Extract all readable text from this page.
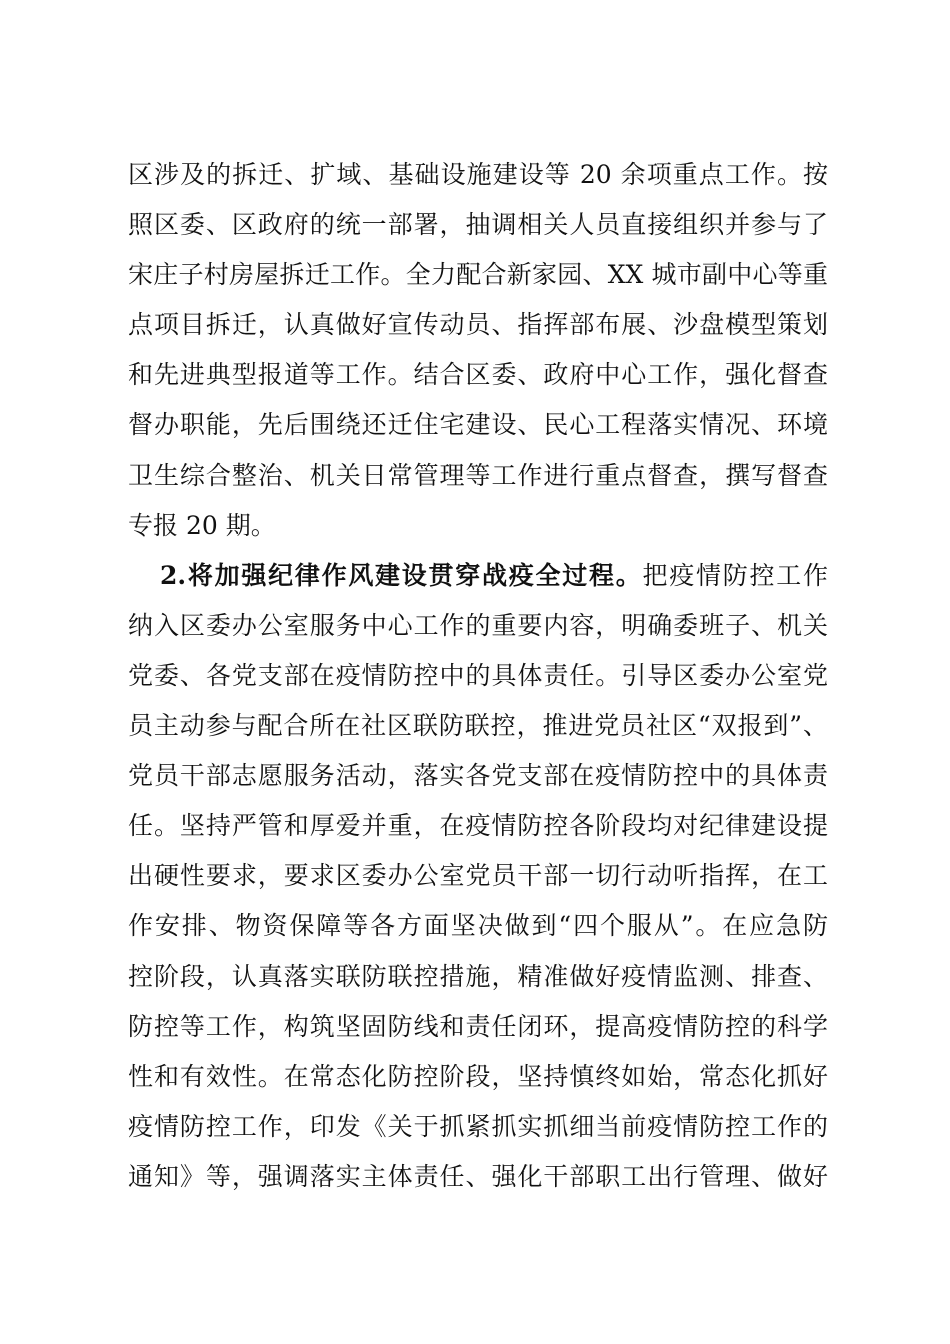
区涉及的拆迁、扩域、基础设施建设等 20 余项重点工作。按
照区委、区政府的统一部署，抽调相关人员直接组织并参与了
宋庄子村房屋拆迁工作。全力配合新家园、XX 城市副中心等重
点项目拆迁，认真做好宣传动员、指挥部布展、沙盘模型策划
和先进典型报道等工作。结合区委、政府中心工作，强化督查
督办职能，先后围绕还迁住宅建设、民心工程落实情况、环境
卫生综合整治、机关日常管理等工作进行重点督查，撰写督查
专报 20 期。
2.将加强纪律作风建设贯穿战疫全过程。把疫情防控工作
纳入区委办公室服务中心工作的重要内容，明确委班子、机关
党委、各党支部在疫情防控中的具体责任。引导区委办公室党
员主动参与配合所在社区联防联控，推进党员社区“双报到”、
党员干部志愿服务活动，落实各党支部在疫情防控中的具体责
任。坚持严管和厚爱并重，在疫情防控各阶段均对纪律建设提
出硬性要求，要求区委办公室党员干部一切行动听指挥，在工
作安排、物资保障等各方面坚决做到“四个服从”。在应急防
控阶段，认真落实联防联控措施，精准做好疫情监测、排查、
防控等工作，构筑坚固防线和责任闭环，提高疫情防控的科学
性和有效性。在常态化防控阶段，坚持慎终如始，常态化抓好
疫情防控工作，印发《关于抓紧抓实抓细当前疫情防控工作的
通知》等，强调落实主体责任、强化干部职工出行管理、做好
